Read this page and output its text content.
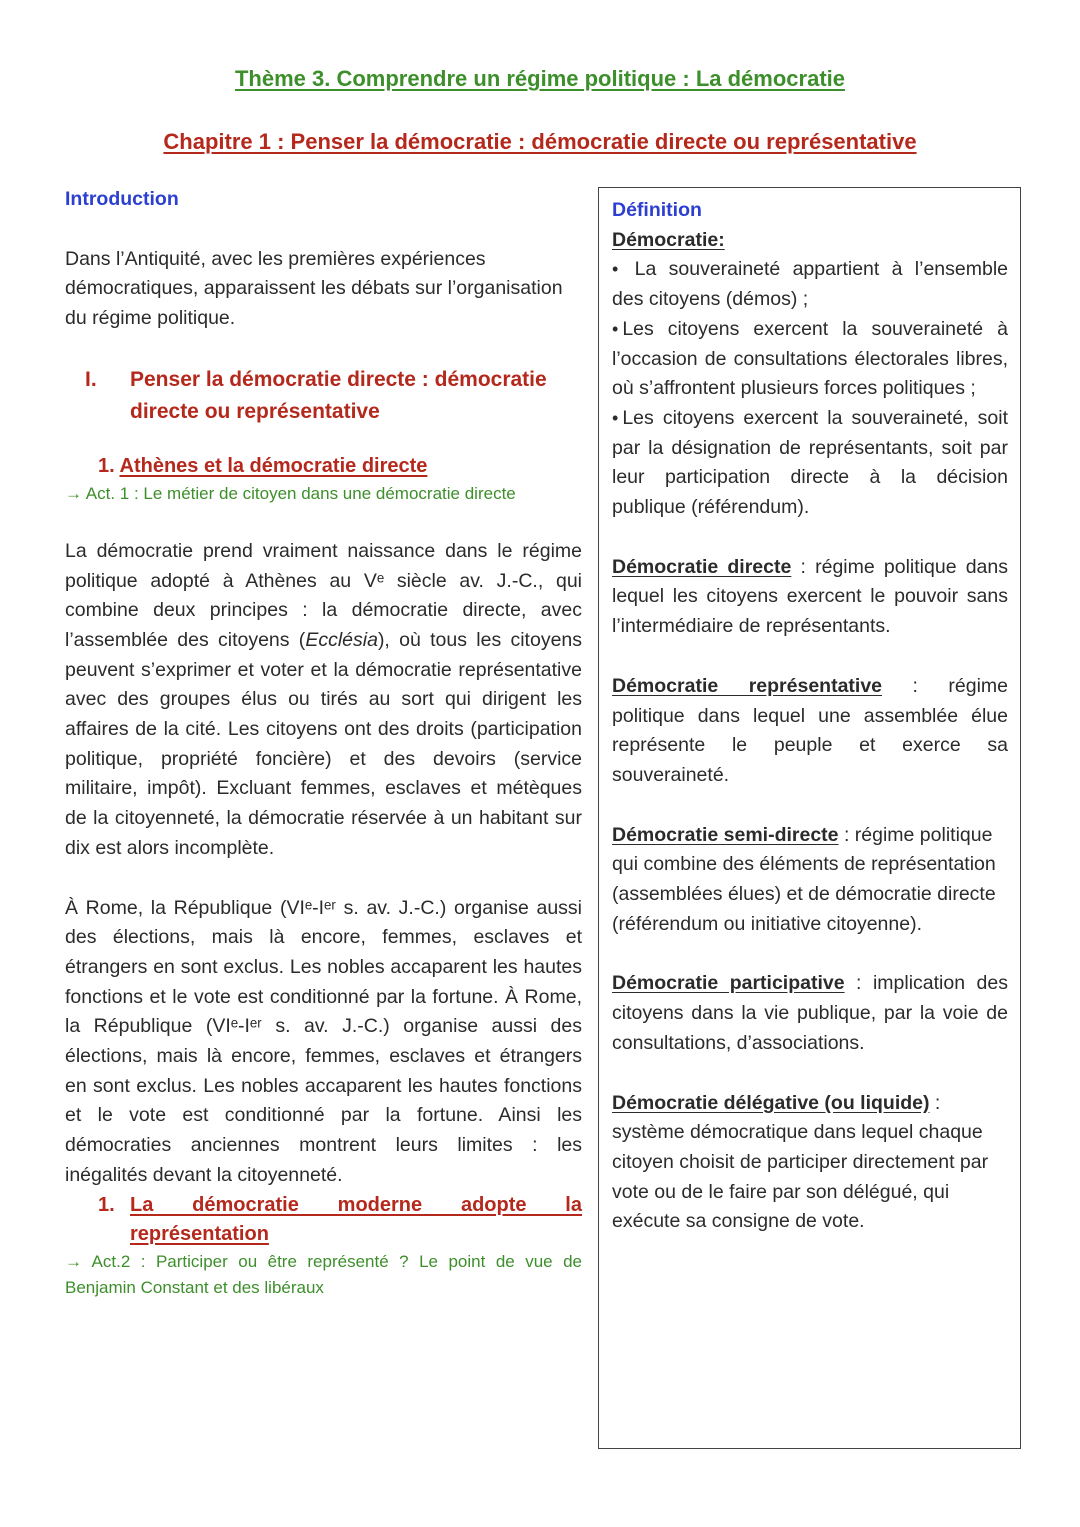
Thème 3. Comprendre un régime politique : La démocratie
Chapitre 1 : Penser la démocratie : démocratie directe ou représentative

Introduction

Dans l’Antiquité, avec les premières expériences démocratiques, apparaissent les débats sur l’organisation du régime politique.

I.	Penser la démocratie directe : démocratie directe ou représentative

1. Athènes et la démocratie directe

→ Act. 1 : Le métier de citoyen dans une démocratie directe

La démocratie prend vraiment naissance dans le régime politique adopté à Athènes au Vᵉ siècle av. J.-C., qui combine deux principes : la démocratie directe, avec l’assemblée des citoyens (Ecclésia), où tous les citoyens peuvent s’exprimer et voter et la démocratie représentative avec des groupes élus ou tirés au sort qui dirigent les affaires de la cité. Les citoyens ont des droits (participation politique, propriété foncière) et des devoirs (service militaire, impôt). Excluant femmes, esclaves et métèques de la citoyenneté, la démocratie réservée à un habitant sur dix est alors incomplète.

À Rome, la République (VIᵉ-Iᵉʳ s. av. J.-C.) organise aussi des élections, mais là encore, femmes, esclaves et étrangers en sont exclus. Les nobles accaparent les hautes fonctions et le vote est conditionné par la fortune. À Rome, la République (VIᵉ-Iᵉʳ s. av. J.-C.) organise aussi des élections, mais là encore, femmes, esclaves et étrangers en sont exclus. Les nobles accaparent les hautes fonctions et le vote est conditionné par la fortune. Ainsi les démocraties anciennes montrent leurs limites : les inégalités devant la citoyenneté.

1. La démocratie moderne adopte la représentation

→ Act.2 : Participer ou être représenté ? Le point de vue de Benjamin Constant et des libéraux

Définition

Démocratie:

• La souveraineté appartient à l’ensemble des citoyens (démos) ;

• Les citoyens exercent la souveraineté à l’occasion de consultations électorales libres, où s’affrontent plusieurs forces politiques ;

• Les citoyens exercent la souveraineté, soit par la désignation de représentants, soit par leur participation directe à la décision publique (référendum).

Démocratie directe : régime politique dans lequel les citoyens exercent le pouvoir sans l’intermédiaire de représentants.

Démocratie représentative : régime politique dans lequel une assemblée élue représente le peuple et exerce sa souveraineté.

Démocratie semi-directe : régime politique qui combine des éléments de représentation (assemblées élues) et de démocratie directe (référendum ou initiative citoyenne).

Démocratie participative : implication des citoyens dans la vie publique, par la voie de consultations, d’associations.

Démocratie délégative (ou liquide) : système démocratique dans lequel chaque citoyen choisit de participer directement par vote ou de le faire par son délégué, qui exécute sa consigne de vote.
